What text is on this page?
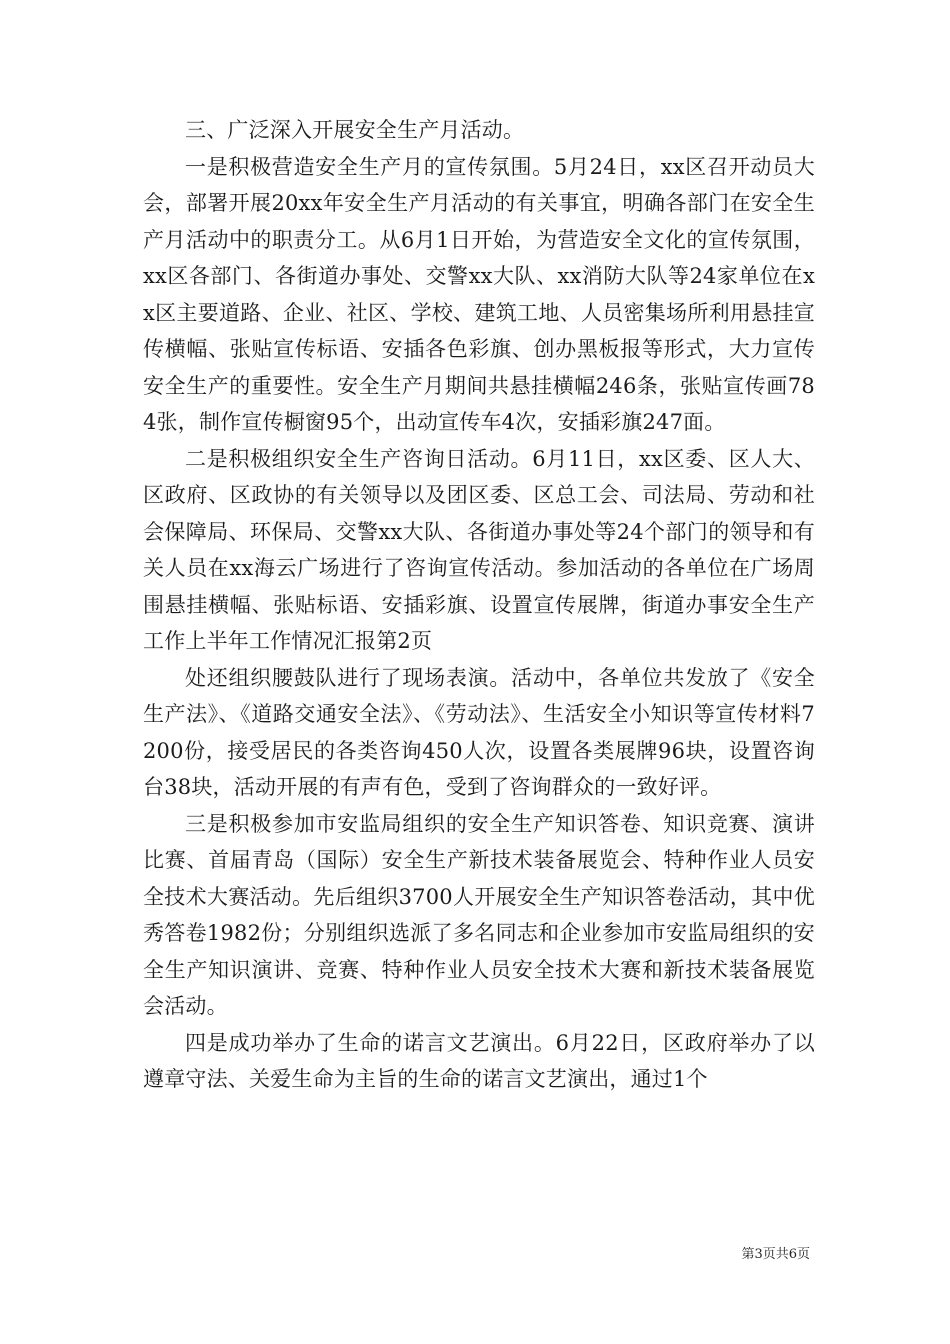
三、广泛深入开展安全生产月活动。

一是积极营造安全生产月的宣传氛围。5月24日，xx区召开动员大会，部署开展20xx年安全生产月活动的有关事宜，明确各部门在安全生产月活动中的职责分工。从6月1日开始，为营造安全文化的宣传氛围，xx区各部门、各街道办事处、交警xx大队、xx消防大队等24家单位在xx区主要道路、企业、社区、学校、建筑工地、人员密集场所利用悬挂宣传横幅、张贴宣传标语、安插各色彩旗、创办黑板报等形式，大力宣传安全生产的重要性。安全生产月期间共悬挂横幅246条，张贴宣传画784张，制作宣传橱窗95个，出动宣传车4次，安插彩旗247面。

二是积极组织安全生产咨询日活动。6月11日，xx区委、区人大、区政府、区政协的有关领导以及团区委、区总工会、司法局、劳动和社会保障局、环保局、交警xx大队、各街道办事处等24个部门的领导和有关人员在xx海云广场进行了咨询宣传活动。参加活动的各单位在广场周围悬挂横幅、张贴标语、安插彩旗、设置宣传展牌，街道办事安全生产工作上半年工作情况汇报第2页

处还组织腰鼓队进行了现场表演。活动中，各单位共发放了《安全生产法》、《道路交通安全法》、《劳动法》、生活安全小知识等宣传材料7200份，接受居民的各类咨询450人次，设置各类展牌96块，设置咨询台38块，活动开展的有声有色，受到了咨询群众的一致好评。

三是积极参加市安监局组织的安全生产知识答卷、知识竞赛、演讲比赛、首届青岛（国际）安全生产新技术装备展览会、特种作业人员安全技术大赛活动。先后组织3700人开展安全生产知识答卷活动，其中优秀答卷1982份；分别组织选派了多名同志和企业参加市安监局组织的安全生产知识演讲、竞赛、特种作业人员安全技术大赛和新技术装备展览会活动。

四是成功举办了生命的诺言文艺演出。6月22日，区政府举办了以遵章守法、关爱生命为主旨的生命的诺言文艺演出，通过1个

第3页共6页
